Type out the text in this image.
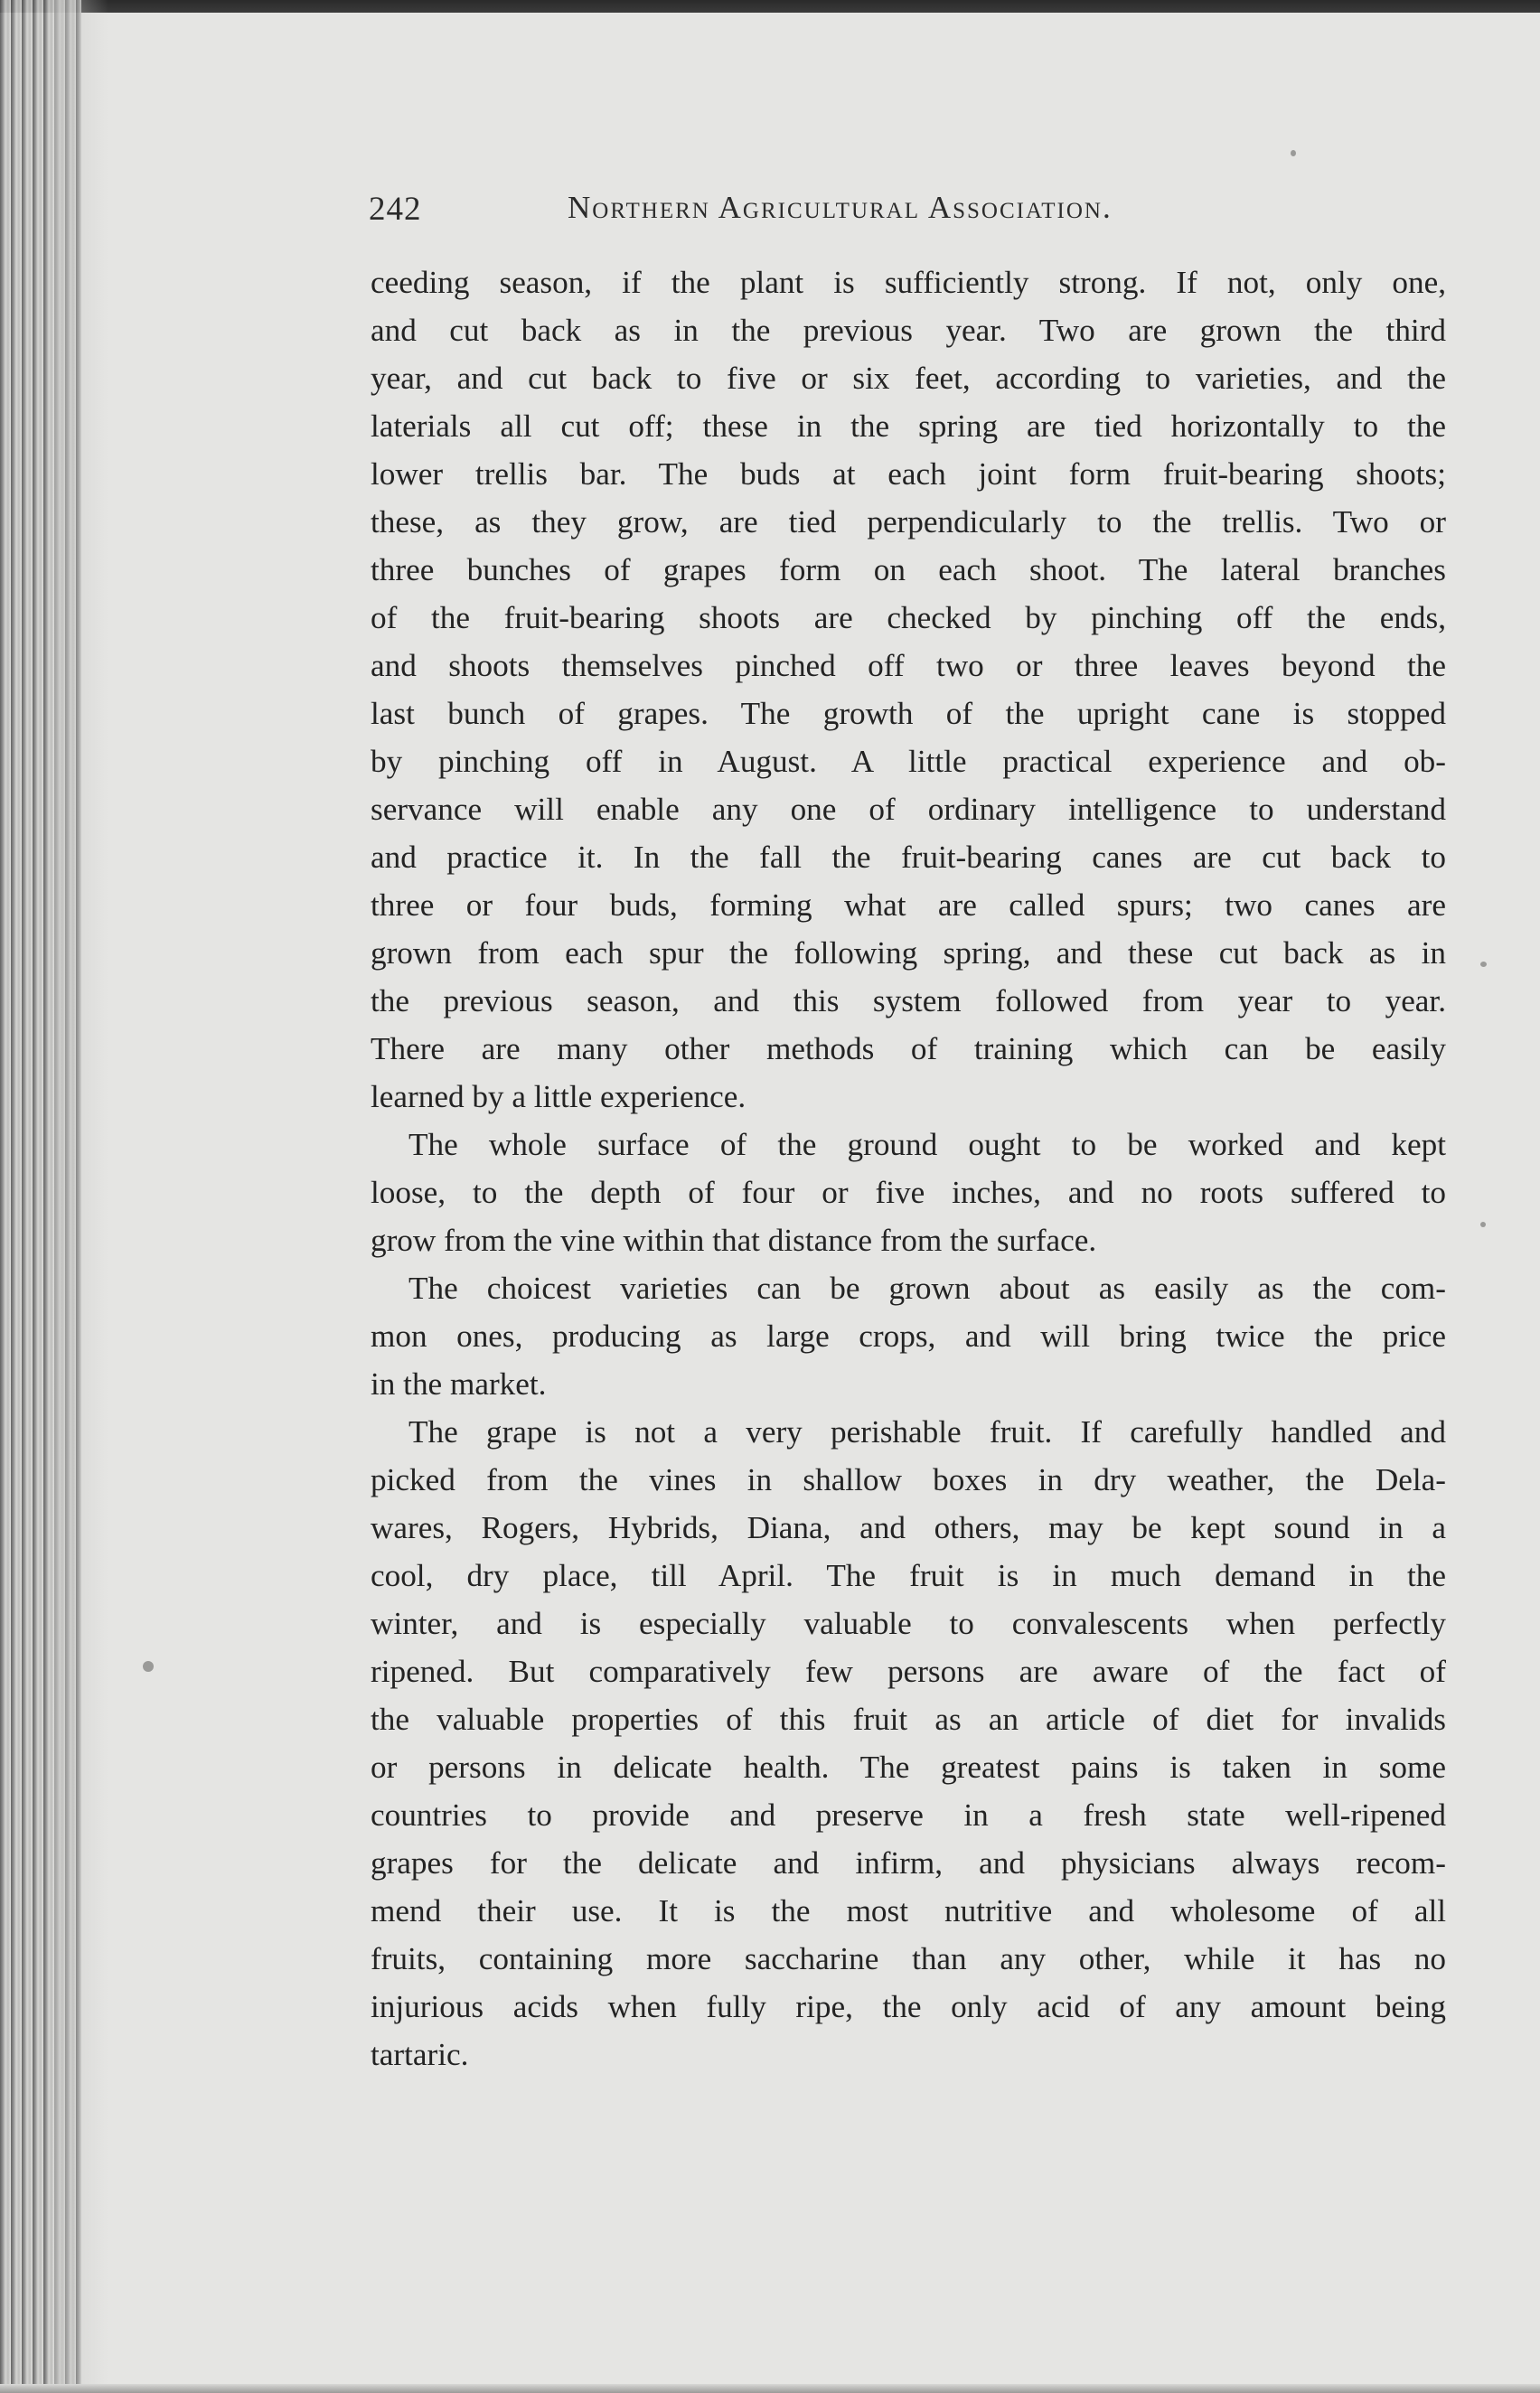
242	Northern Agricultural Association.
ceeding season, if the plant is sufficiently strong. If not, only one,
and cut back as in the previous year. Two are grown the third
year, and cut back to five or six feet, according to varieties, and the
laterials all cut off; these in the spring are tied horizontally to the
lower trellis bar. The buds at each joint form fruit-bearing shoots;
these, as they grow, are tied perpendicularly to the trellis. Two or
three bunches of grapes form on each shoot. The lateral branches
of the fruit-bearing shoots are checked by pinching off the ends,
and shoots themselves pinched off two or three leaves beyond the
last bunch of grapes. The growth of the upright cane is stopped
by pinching off in August. A little practical experience and ob-
servance will enable any one of ordinary intelligence to understand
and practice it. In the fall the fruit-bearing canes are cut back to
three or four buds, forming what are called spurs; two canes are
grown from each spur the following spring, and these cut back as in
the previous season, and this system followed from year to year.
There are many other methods of training which can be easily
learned by a little experience.
The whole surface of the ground ought to be worked and kept
loose, to the depth of four or five inches, and no roots suffered to
grow from the vine within that distance from the surface.
The choicest varieties can be grown about as easily as the com-
mon ones, producing as large crops, and will bring twice the price
in the market.
The grape is not a very perishable fruit. If carefully handled and
picked from the vines in shallow boxes in dry weather, the Dela-
wares, Rogers, Hybrids, Diana, and others, may be kept sound in a
cool, dry place, till April. The fruit is in much demand in the
winter, and is especially valuable to convalescents when perfectly
ripened. But comparatively few persons are aware of the fact of
the valuable properties of this fruit as an article of diet for invalids
or persons in delicate health. The greatest pains is taken in some
countries to provide and preserve in a fresh state well-ripened
grapes for the delicate and infirm, and physicians always recom-
mend their use. It is the most nutritive and wholesome of all
fruits, containing more saccharine than any other, while it has no
injurious acids when fully ripe, the only acid of any amount being
tartaric.
